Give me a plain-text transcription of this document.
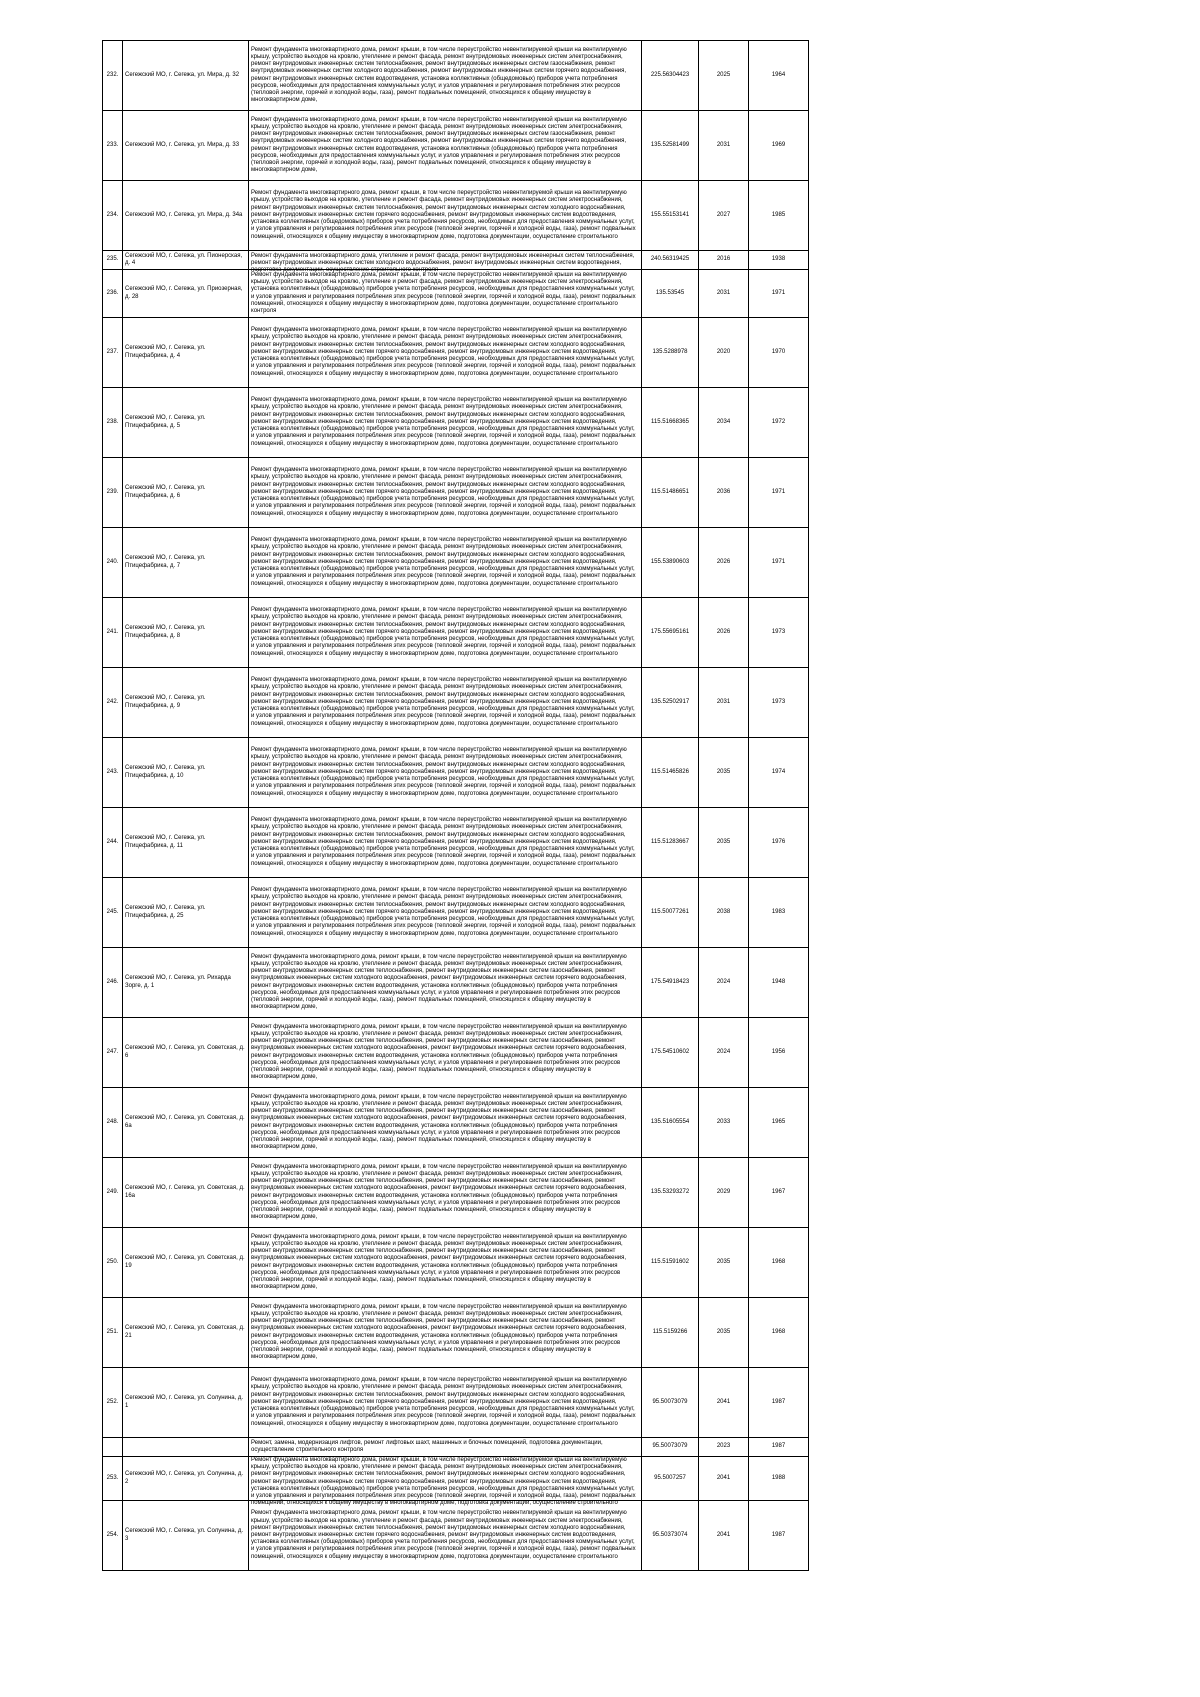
232.	Сегежский МО, г. Сегежа, ул. Мира, д. 32	Ремонт фундамента многоквартирного дома, ремонт крыши, в том числе переустройство невентилируемой крыши на вентилируемую крышу, устройство выходов на кровлю, утепление и ремонт фасада, ремонт внутридомовых инженерных систем электроснабжения, ремонт внутридомовых инженерных систем теплоснабжения, ремонт внутридомовых инженерных систем газоснабжения, ремонт внутридомовых инженерных систем холодного водоснабжения, ремонт внутридомовых инженерных систем горячего водоснабжения, ремонт внутридомовых инженерных систем водоотведения, установка коллективных (общедомовых) приборов учета потребления ресурсов, необходимых для предоставления коммунальных услуг, и узлов управления и регулирования потребления этих ресурсов (тепловой энергии, горячей и холодной воды, газа), ремонт подвальных помещений, относящихся к общему имуществу в многоквартирном доме,	225.56304423	2025	1964
233.	Сегежский МО, г. Сегежа, ул. Мира, д. 33	Ремонт фундамента многоквартирного дома, ремонт крыши, в том числе переустройство невентилируемой крыши на вентилируемую крышу, устройство выходов на кровлю, утепление и ремонт фасада, ремонт внутридомовых инженерных систем электроснабжения, ремонт внутридомовых инженерных систем теплоснабжения, ремонт внутридомовых инженерных систем газоснабжения, ремонт внутридомовых инженерных систем холодного водоснабжения, ремонт внутридомовых инженерных систем горячего водоснабжения, ремонт внутридомовых инженерных систем водоотведения, установка коллективных (общедомовых) приборов учета потребления ресурсов, необходимых для предоставления коммунальных услуг, и узлов управления и регулирования потребления этих ресурсов (тепловой энергии, горячей и холодной воды, газа), ремонт подвальных помещений, относящихся к общему имуществу в многоквартирном доме,	135.52581499	2031	1969
234.	Сегежский МО, г. Сегежа, ул. Мира, д. 34а	Ремонт фундамента многоквартирного дома, ремонт крыши, в том числе переустройство невентилируемой крыши на вентилируемую крышу, устройство выходов на кровлю, утепление и ремонт фасада, ремонт внутридомовых инженерных систем электроснабжения, ремонт внутридомовых инженерных систем теплоснабжения, ремонт внутридомовых инженерных систем холодного водоснабжения, ремонт внутридомовых инженерных систем горячего водоснабжения, ремонт внутридомовых инженерных систем водоотведения, установка коллективных (общедомовых) приборов учета потребления ресурсов, необходимых для предоставления коммунальных услуг, и узлов управления и регулирования потребления этих ресурсов (тепловой энергии, горячей и холодной воды, газа), ремонт подвальных помещений, относящихся к общему имуществу в многоквартирном доме, подготовка документации, осуществление строительного	155.55153141	2027	1985
235.	Сегежский МО, г. Сегежа, ул. Пионерская, д. 4	Ремонт фундамента многоквартирного дома, утепление и ремонт фасада, ремонт внутридомовых инженерных систем теплоснабжения, ремонт внутридомовых инженерных систем холодного водоснабжения, ремонт внутридомовых инженерных систем водоотведения, подготовка документации, осуществление строительного контроля	240.56319425	2016	1938
236.	Сегежский МО, г. Сегежа, ул. Приозерная, д. 28	Ремонт фундамента многоквартирного дома, ремонт крыши, в том числе переустройство невентилируемой крыши на вентилируемую крышу, устройство выходов на кровлю, утепление и ремонт фасада, ремонт внутридомовых инженерных систем электроснабжения, установка коллективных (общедомовых) приборов учета потребления ресурсов, необходимых для предоставления коммунальных услуг, и узлов управления и регулирования потребления этих ресурсов (тепловой энергии, горячей и холодной воды, газа), ремонт подвальных помещений, относящихся к общему имуществу в многоквартирном доме, подготовка документации, осуществление строительного контроля	135.53545	2031	1971
237.	Сегежский МО, г. Сегежа, ул. Птицефабрика, д. 4	Ремонт фундамента многоквартирного дома, ремонт крыши, в том числе переустройство невентилируемой крыши на вентилируемую крышу, устройство выходов на кровлю, утепление и ремонт фасада, ремонт внутридомовых инженерных систем электроснабжения, ремонт внутридомовых инженерных систем теплоснабжения, ремонт внутридомовых инженерных систем холодного водоснабжения, ремонт внутридомовых инженерных систем горячего водоснабжения, ремонт внутридомовых инженерных систем водоотведения, установка коллективных (общедомовых) приборов учета потребления ресурсов, необходимых для предоставления коммунальных услуг, и узлов управления и регулирования потребления этих ресурсов (тепловой энергии, горячей и холодной воды, газа), ремонт подвальных помещений, относящихся к общему имуществу в многоквартирном доме, подготовка документации, осуществление строительного	135.5288978	2020	1970
238.	Сегежский МО, г. Сегежа, ул. Птицефабрика, д. 5	Ремонт фундамента многоквартирного дома, ремонт крыши, в том числе переустройство невентилируемой крыши на вентилируемую крышу, устройство выходов на кровлю, утепление и ремонт фасада, ремонт внутридомовых инженерных систем электроснабжения, ремонт внутридомовых инженерных систем теплоснабжения, ремонт внутридомовых инженерных систем холодного водоснабжения, ремонт внутридомовых инженерных систем горячего водоснабжения, ремонт внутридомовых инженерных систем водоотведения, установка коллективных (общедомовых) приборов учета потребления ресурсов, необходимых для предоставления коммунальных услуг, и узлов управления и регулирования потребления этих ресурсов (тепловой энергии, горячей и холодной воды, газа), ремонт подвальных помещений, относящихся к общему имуществу в многоквартирном доме, подготовка документации, осуществление строительного	115.51668365	2034	1972
239.	Сегежский МО, г. Сегежа, ул. Птицефабрика, д. 6	Ремонт фундамента многоквартирного дома, ремонт крыши, в том числе переустройство невентилируемой крыши на вентилируемую крышу, устройство выходов на кровлю, утепление и ремонт фасада, ремонт внутридомовых инженерных систем электроснабжения, ремонт внутридомовых инженерных систем теплоснабжения, ремонт внутридомовых инженерных систем холодного водоснабжения, ремонт внутридомовых инженерных систем горячего водоснабжения, ремонт внутридомовых инженерных систем водоотведения, установка коллективных (общедомовых) приборов учета потребления ресурсов, необходимых для предоставления коммунальных услуг, и узлов управления и регулирования потребления этих ресурсов (тепловой энергии, горячей и холодной воды, газа), ремонт подвальных помещений, относящихся к общему имуществу в многоквартирном доме, подготовка документации, осуществление строительного	115.51486651	2036	1971
240.	Сегежский МО, г. Сегежа, ул. Птицефабрика, д. 7	Ремонт фундамента многоквартирного дома, ремонт крыши, в том числе переустройство невентилируемой крыши на вентилируемую крышу, устройство выходов на кровлю, утепление и ремонт фасада, ремонт внутридомовых инженерных систем электроснабжения, ремонт внутридомовых инженерных систем теплоснабжения, ремонт внутридомовых инженерных систем холодного водоснабжения, ремонт внутридомовых инженерных систем горячего водоснабжения, ремонт внутридомовых инженерных систем водоотведения, установка коллективных (общедомовых) приборов учета потребления ресурсов, необходимых для предоставления коммунальных услуг, и узлов управления и регулирования потребления этих ресурсов (тепловой энергии, горячей и холодной воды, газа), ремонт подвальных помещений, относящихся к общему имуществу в многоквартирном доме, подготовка документации, осуществление строительного	155.53890603	2026	1971
241.	Сегежский МО, г. Сегежа, ул. Птицефабрика, д. 8	Ремонт фундамента многоквартирного дома, ремонт крыши, в том числе переустройство невентилируемой крыши на вентилируемую крышу, устройство выходов на кровлю, утепление и ремонт фасада, ремонт внутридомовых инженерных систем электроснабжения, ремонт внутридомовых инженерных систем теплоснабжения, ремонт внутридомовых инженерных систем холодного водоснабжения, ремонт внутридомовых инженерных систем горячего водоснабжения, ремонт внутридомовых инженерных систем водоотведения, установка коллективных (общедомовых) приборов учета потребления ресурсов, необходимых для предоставления коммунальных услуг, и узлов управления и регулирования потребления этих ресурсов (тепловой энергии, горячей и холодной воды, газа), ремонт подвальных помещений, относящихся к общему имуществу в многоквартирном доме, подготовка документации, осуществление строительного	175.55695161	2026	1973
242.	Сегежский МО, г. Сегежа, ул. Птицефабрика, д. 9	Ремонт фундамента многоквартирного дома, ремонт крыши, в том числе переустройство невентилируемой крыши на вентилируемую крышу, устройство выходов на кровлю, утепление и ремонт фасада, ремонт внутридомовых инженерных систем электроснабжения, ремонт внутридомовых инженерных систем теплоснабжения, ремонт внутридомовых инженерных систем холодного водоснабжения, ремонт внутридомовых инженерных систем горячего водоснабжения, ремонт внутридомовых инженерных систем водоотведения, установка коллективных (общедомовых) приборов учета потребления ресурсов, необходимых для предоставления коммунальных услуг, и узлов управления и регулирования потребления этих ресурсов (тепловой энергии, горячей и холодной воды, газа), ремонт подвальных помещений, относящихся к общему имуществу в многоквартирном доме, подготовка документации, осуществление строительного	135.52502917	2031	1973
243.	Сегежский МО, г. Сегежа, ул. Птицефабрика, д. 10	Ремонт фундамента многоквартирного дома, ремонт крыши, в том числе переустройство невентилируемой крыши на вентилируемую крышу, устройство выходов на кровлю, утепление и ремонт фасада, ремонт внутридомовых инженерных систем электроснабжения, ремонт внутридомовых инженерных систем теплоснабжения, ремонт внутридомовых инженерных систем холодного водоснабжения, ремонт внутридомовых инженерных систем горячего водоснабжения, ремонт внутридомовых инженерных систем водоотведения, установка коллективных (общедомовых) приборов учета потребления ресурсов, необходимых для предоставления коммунальных услуг, и узлов управления и регулирования потребления этих ресурсов (тепловой энергии, горячей и холодной воды, газа), ремонт подвальных помещений, относящихся к общему имуществу в многоквартирном доме, подготовка документации, осуществление строительного	115.51465826	2035	1974
244.	Сегежский МО, г. Сегежа, ул. Птицефабрика, д. 11	Ремонт фундамента многоквартирного дома, ремонт крыши, в том числе переустройство невентилируемой крыши на вентилируемую крышу, устройство выходов на кровлю, утепление и ремонт фасада, ремонт внутридомовых инженерных систем электроснабжения, ремонт внутридомовых инженерных систем теплоснабжения, ремонт внутридомовых инженерных систем холодного водоснабжения, ремонт внутридомовых инженерных систем горячего водоснабжения, ремонт внутридомовых инженерных систем водоотведения, установка коллективных (общедомовых) приборов учета потребления ресурсов, необходимых для предоставления коммунальных услуг, и узлов управления и регулирования потребления этих ресурсов (тепловой энергии, горячей и холодной воды, газа), ремонт подвальных помещений, относящихся к общему имуществу в многоквартирном доме, подготовка документации, осуществление строительного	115.51283667	2035	1976
245.	Сегежский МО, г. Сегежа, ул. Птицефабрика, д. 25	Ремонт фундамента многоквартирного дома, ремонт крыши, в том числе переустройство невентилируемой крыши на вентилируемую крышу, устройство выходов на кровлю, утепление и ремонт фасада, ремонт внутридомовых инженерных систем электроснабжения, ремонт внутридомовых инженерных систем теплоснабжения, ремонт внутридомовых инженерных систем холодного водоснабжения, ремонт внутридомовых инженерных систем горячего водоснабжения, ремонт внутридомовых инженерных систем водоотведения, установка коллективных (общедомовых) приборов учета потребления ресурсов, необходимых для предоставления коммунальных услуг, и узлов управления и регулирования потребления этих ресурсов (тепловой энергии, горячей и холодной воды, газа), ремонт подвальных помещений, относящихся к общему имуществу в многоквартирном доме, подготовка документации, осуществление строительного	115.50077261	2038	1983
246.	Сегежский МО, г. Сегежа, ул. Рихарда Зорге, д. 1	Ремонт фундамента многоквартирного дома, ремонт крыши, в том числе переустройство невентилируемой крыши на вентилируемую крышу, устройство выходов на кровлю, утепление и ремонт фасада, ремонт внутридомовых инженерных систем электроснабжения, ремонт внутридомовых инженерных систем теплоснабжения, ремонт внутридомовых инженерных систем газоснабжения, ремонт внутридомовых инженерных систем холодного водоснабжения, ремонт внутридомовых инженерных систем горячего водоснабжения, ремонт внутридомовых инженерных систем водоотведения, установка коллективных (общедомовых) приборов учета потребления ресурсов, необходимых для предоставления коммунальных услуг, и узлов управления и регулирования потребления этих ресурсов (тепловой энергии, горячей и холодной воды, газа), ремонт подвальных помещений, относящихся к общему имуществу в многоквартирном доме,	175.54918423	2024	1948
247.	Сегежский МО, г. Сегежа, ул. Советская, д. 6	Ремонт фундамента многоквартирного дома, ремонт крыши, в том числе переустройство невентилируемой крыши на вентилируемую крышу, устройство выходов на кровлю, утепление и ремонт фасада, ремонт внутридомовых инженерных систем электроснабжения, ремонт внутридомовых инженерных систем теплоснабжения, ремонт внутридомовых инженерных систем газоснабжения, ремонт внутридомовых инженерных систем холодного водоснабжения, ремонт внутридомовых инженерных систем горячего водоснабжения, ремонт внутридомовых инженерных систем водоотведения, установка коллективных (общедомовых) приборов учета потребления ресурсов, необходимых для предоставления коммунальных услуг, и узлов управления и регулирования потребления этих ресурсов (тепловой энергии, горячей и холодной воды, газа), ремонт подвальных помещений, относящихся к общему имуществу в многоквартирном доме,	175.54510602	2024	1956
248.	Сегежский МО, г. Сегежа, ул. Советская, д. 6а	Ремонт фундамента многоквартирного дома, ремонт крыши, в том числе переустройство невентилируемой крыши на вентилируемую крышу, устройство выходов на кровлю, утепление и ремонт фасада, ремонт внутридомовых инженерных систем электроснабжения, ремонт внутридомовых инженерных систем теплоснабжения, ремонт внутридомовых инженерных систем газоснабжения, ремонт внутридомовых инженерных систем холодного водоснабжения, ремонт внутридомовых инженерных систем горячего водоснабжения, ремонт внутридомовых инженерных систем водоотведения, установка коллективных (общедомовых) приборов учета потребления ресурсов, необходимых для предоставления коммунальных услуг, и узлов управления и регулирования потребления этих ресурсов (тепловой энергии, горячей и холодной воды, газа), ремонт подвальных помещений, относящихся к общему имуществу в многоквартирном доме,	135.51605554	2033	1965
249.	Сегежский МО, г. Сегежа, ул. Советская, д. 16а	Ремонт фундамента многоквартирного дома, ремонт крыши, в том числе переустройство невентилируемой крыши на вентилируемую крышу, устройство выходов на кровлю, утепление и ремонт фасада, ремонт внутридомовых инженерных систем электроснабжения, ремонт внутридомовых инженерных систем теплоснабжения, ремонт внутридомовых инженерных систем газоснабжения, ремонт внутридомовых инженерных систем холодного водоснабжения, ремонт внутридомовых инженерных систем горячего водоснабжения, ремонт внутридомовых инженерных систем водоотведения, установка коллективных (общедомовых) приборов учета потребления ресурсов, необходимых для предоставления коммунальных услуг, и узлов управления и регулирования потребления этих ресурсов (тепловой энергии, горячей и холодной воды, газа), ремонт подвальных помещений, относящихся к общему имуществу в многоквартирном доме,	135.53293272	2029	1967
250.	Сегежский МО, г. Сегежа, ул. Советская, д. 19	Ремонт фундамента многоквартирного дома, ремонт крыши, в том числе переустройство невентилируемой крыши на вентилируемую крышу, устройство выходов на кровлю, утепление и ремонт фасада, ремонт внутридомовых инженерных систем электроснабжения, ремонт внутридомовых инженерных систем теплоснабжения, ремонт внутридомовых инженерных систем газоснабжения, ремонт внутридомовых инженерных систем холодного водоснабжения, ремонт внутридомовых инженерных систем горячего водоснабжения, ремонт внутридомовых инженерных систем водоотведения, установка коллективных (общедомовых) приборов учета потребления ресурсов, необходимых для предоставления коммунальных услуг, и узлов управления и регулирования потребления этих ресурсов (тепловой энергии, горячей и холодной воды, газа), ремонт подвальных помещений, относящихся к общему имуществу в многоквартирном доме,	115.51591602	2035	1968
251.	Сегежский МО, г. Сегежа, ул. Советская, д. 21	Ремонт фундамента многоквартирного дома, ремонт крыши, в том числе переустройство невентилируемой крыши на вентилируемую крышу, устройство выходов на кровлю, утепление и ремонт фасада, ремонт внутридомовых инженерных систем электроснабжения, ремонт внутридомовых инженерных систем теплоснабжения, ремонт внутридомовых инженерных систем газоснабжения, ремонт внутридомовых инженерных систем холодного водоснабжения, ремонт внутридомовых инженерных систем горячего водоснабжения, ремонт внутридомовых инженерных систем водоотведения, установка коллективных (общедомовых) приборов учета потребления ресурсов, необходимых для предоставления коммунальных услуг, и узлов управления и регулирования потребления этих ресурсов (тепловой энергии, горячей и холодной воды, газа), ремонт подвальных помещений, относящихся к общему имуществу в многоквартирном доме,	115.5159266	2035	1968
252.	Сегежский МО, г. Сегежа, ул. Солунина, д. 1	Ремонт фундамента многоквартирного дома, ремонт крыши, в том числе переустройство невентилируемой крыши на вентилируемую крышу, устройство выходов на кровлю, утепление и ремонт фасада, ремонт внутридомовых инженерных систем электроснабжения, ремонт внутридомовых инженерных систем теплоснабжения, ремонт внутридомовых инженерных систем холодного водоснабжения, ремонт внутридомовых инженерных систем горячего водоснабжения, ремонт внутридомовых инженерных систем водоотведения, установка коллективных (общедомовых) приборов учета потребления ресурсов, необходимых для предоставления коммунальных услуг, и узлов управления и регулирования потребления этих ресурсов (тепловой энергии, горячей и холодной воды, газа), ремонт подвальных помещений, относящихся к общему имуществу в многоквартирном доме, подготовка документации, осуществление строительного	95.50073079	2041	1987

		Ремонт, замена, модернизация лифтов, ремонт лифтовых шахт, машинных и блочных помещений, подготовка документации, осуществление строительного контроля	95.50073079	2023	1987
253.	Сегежский МО, г. Сегежа, ул. Солунина, д. 2	Ремонт фундамента многоквартирного дома, ремонт крыши, в том числе переустройство невентилируемой крыши на вентилируемую крышу, устройство выходов на кровлю, утепление и ремонт фасада, ремонт внутридомовых инженерных систем электроснабжения, ремонт внутридомовых инженерных систем теплоснабжения, ремонт внутридомовых инженерных систем холодного водоснабжения, ремонт внутридомовых инженерных систем горячего водоснабжения, ремонт внутридомовых инженерных систем водоотведения, установка коллективных (общедомовых) приборов учета потребления ресурсов, необходимых для предоставления коммунальных услуг, и узлов управления и регулирования потребления этих ресурсов (тепловой энергии, горячей и холодной воды, газа), ремонт подвальных помещений, относящихся к общему имуществу в многоквартирном доме, подготовка документации, осуществление строительного	95.5007257	2041	1988
254.	Сегежский МО, г. Сегежа, ул. Солунина, д. 3	Ремонт фундамента многоквартирного дома, ремонт крыши, в том числе переустройство невентилируемой крыши на вентилируемую крышу, устройство выходов на кровлю, утепление и ремонт фасада, ремонт внутридомовых инженерных систем электроснабжения, ремонт внутридомовых инженерных систем теплоснабжения, ремонт внутридомовых инженерных систем холодного водоснабжения, ремонт внутридомовых инженерных систем горячего водоснабжения, ремонт внутридомовых инженерных систем водоотведения, установка коллективных (общедомовых) приборов учета потребления ресурсов, необходимых для предоставления коммунальных услуг, и узлов управления и регулирования потребления этих ресурсов (тепловой энергии, горячей и холодной воды, газа), ремонт подвальных помещений, относящихся к общему имуществу в многоквартирном доме, подготовка документации, осуществление строительного	95.50373074	2041	1987
